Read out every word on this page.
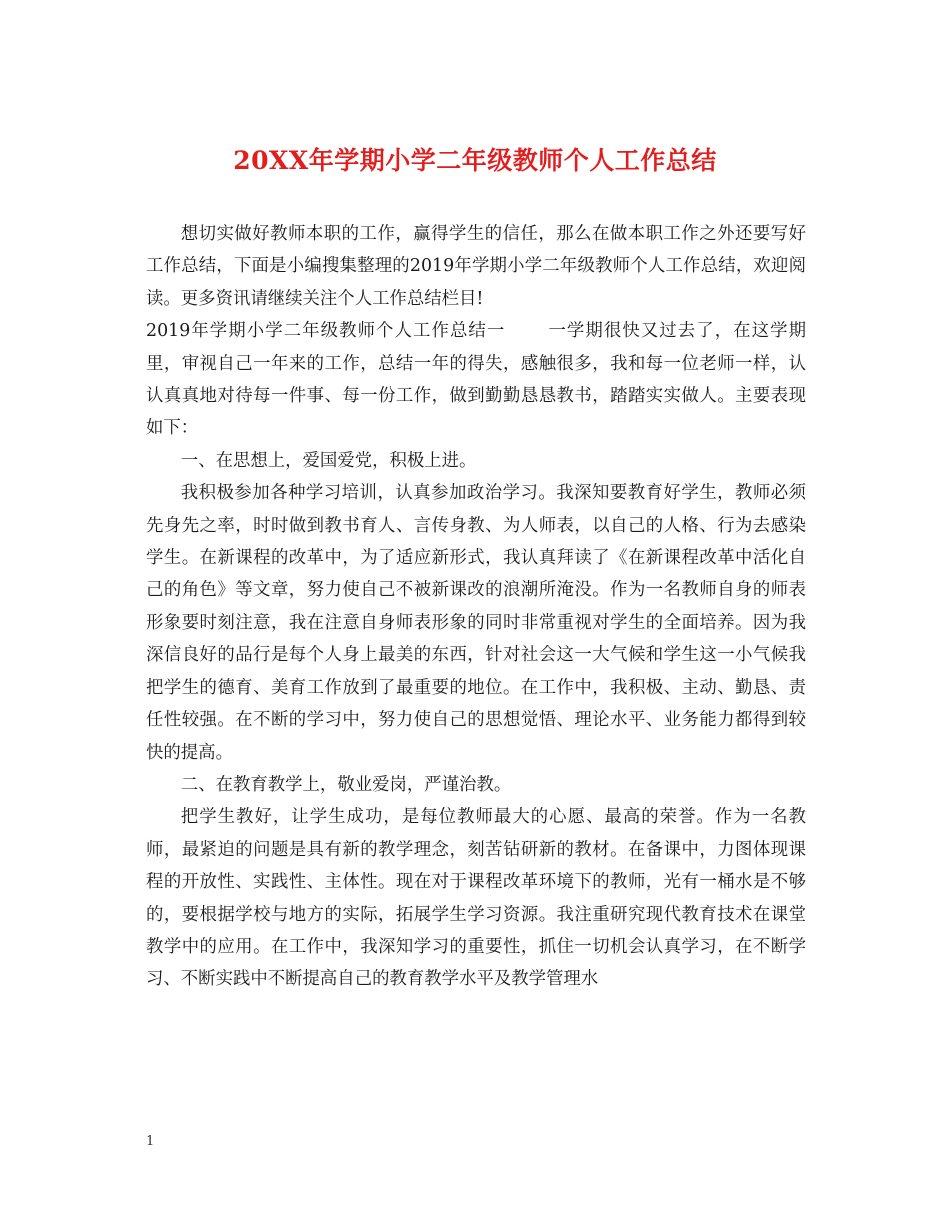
20XX年学期小学二年级教师个人工作总结

想切实做好教师本职的工作，赢得学生的信任，那么在做本职工作之外还要写好工作总结，下面是小编搜集整理的2019年学期小学二年级教师个人工作总结，欢迎阅读。更多资讯请继续关注个人工作总结栏目!

2019年学期小学二年级教师个人工作总结一 一学期很快又过去了，在这学期里，审视自己一年来的工作，总结一年的得失，感触很多，我和每一位老师一样，认认真真地对待每一件事、每一份工作，做到勤勤恳恳教书，踏踏实实做人。主要表现如下：

一、在思想上，爱国爱党，积极上进。

我积极参加各种学习培训，认真参加政治学习。我深知要教育好学生，教师必须先身先之率，时时做到教书育人、言传身教、为人师表，以自己的人格、行为去感染学生。在新课程的改革中，为了适应新形式，我认真拜读了《在新课程改革中活化自己的角色》等文章，努力使自己不被新课改的浪潮所淹没。作为一名教师自身的师表形象要时刻注意，我在注意自身师表形象的同时非常重视对学生的全面培养。因为我深信良好的品行是每个人身上最美的东西，针对社会这一大气候和学生这一小气候我把学生的德育、美育工作放到了最重要的地位。在工作中，我积极、主动、勤恳、责任性较强。在不断的学习中，努力使自己的思想觉悟、理论水平、业务能力都得到较快的提高。

二、在教育教学上，敬业爱岗，严谨治教。

把学生教好，让学生成功，是每位教师最大的心愿、最高的荣誉。作为一名教师，最紧迫的问题是具有新的教学理念，刻苦钻研新的教材。在备课中，力图体现课程的开放性、实践性、主体性。现在对于课程改革环境下的教师，光有一桶水是不够的，要根据学校与地方的实际，拓展学生学习资源。我注重研究现代教育技术在课堂教学中的应用。在工作中，我深知学习的重要性，抓住一切机会认真学习，在不断学习、不断实践中不断提高自己的教育教学水平及教学管理水

1
